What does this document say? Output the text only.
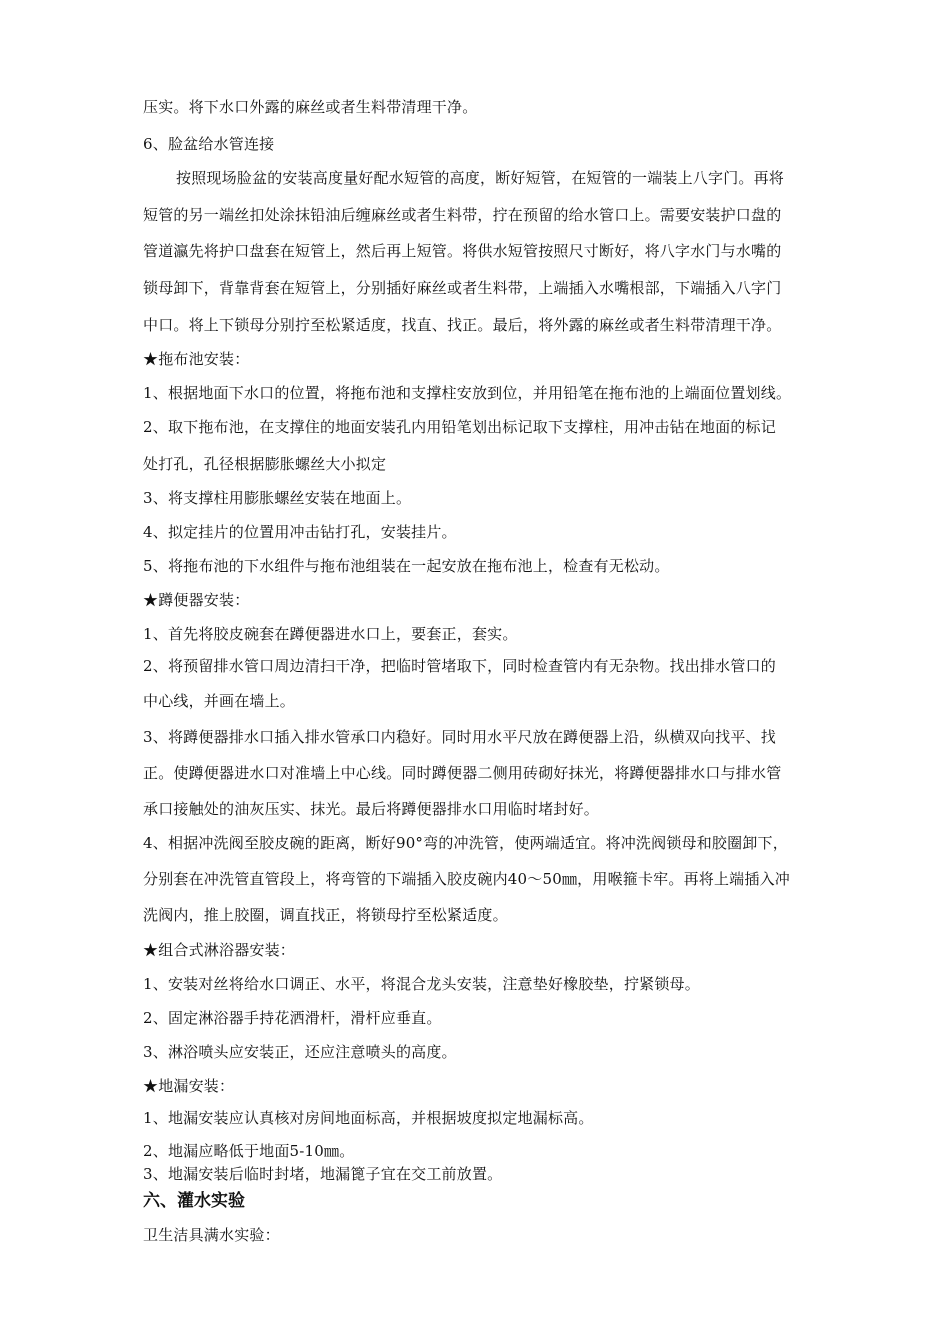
压实。将下水口外露的麻丝或者生料带清理干净。
6、脸盆给水管连接
按照现场脸盆的安装高度量好配水短管的高度，断好短管，在短管的一端装上八字门。再将
短管的另一端丝扣处涂抹铅油后缠麻丝或者生料带，拧在预留的给水管口上。需要安装护口盘的
管道瀛先将护口盘套在短管上，然后再上短管。将供水短管按照尺寸断好，将八字水门与水嘴的
锁母卸下，背靠背套在短管上，分别插好麻丝或者生料带，上端插入水嘴根部，下端插入八字门
中口。将上下锁母分别拧至松紧适度，找直、找正。最后，将外露的麻丝或者生料带清理干净。
★拖布池安装：
1、根据地面下水口的位置，将拖布池和支撑柱安放到位，并用铅笔在拖布池的上端面位置划线。
2、取下拖布池，在支撑住的地面安装孔内用铅笔划出标记取下支撑柱，用冲击钻在地面的标记
处打孔，孔径根据膨胀螺丝大小拟定
3、将支撑柱用膨胀螺丝安装在地面上。
4、拟定挂片的位置用冲击钻打孔，安装挂片。
5、将拖布池的下水组件与拖布池组装在一起安放在拖布池上，检查有无松动。
★蹲便器安装：
1、首先将胶皮碗套在蹲便器进水口上，要套正，套实。
2、将预留排水管口周边清扫干净，把临时管堵取下，同时检查管内有无杂物。找出排水管口的
中心线，并画在墙上。
3、将蹲便器排水口插入排水管承口内稳好。同时用水平尺放在蹲便器上沿，纵横双向找平、找
正。使蹲便器进水口对准墙上中心线。同时蹲便器二侧用砖砌好抹光，将蹲便器排水口与排水管
承口接触处的油灰压实、抹光。最后将蹲便器排水口用临时堵封好。
4、相据冲洗阀至胶皮碗的距离，断好90°弯的冲洗管，使两端适宜。将冲洗阀锁母和胶圈卸下，
分别套在冲洗管直管段上，将弯管的下端插入胶皮碗内40～50㎜，用喉箍卡牢。再将上端插入冲
洗阀内，推上胶圈，调直找正，将锁母拧至松紧适度。
★组合式淋浴器安装：
1、安装对丝将给水口调正、水平，将混合龙头安装，注意垫好橡胶垫，拧紧锁母。
2、固定淋浴器手持花洒滑杆，滑杆应垂直。
3、淋浴喷头应安装正，还应注意喷头的高度。
★地漏安装：
1、地漏安装应认真核对房间地面标高，并根据坡度拟定地漏标高。
2、地漏应略低于地面5-10㎜。
3、地漏安装后临时封堵，地漏篦子宜在交工前放置。
六、灌水实验
卫生洁具满水实验：
